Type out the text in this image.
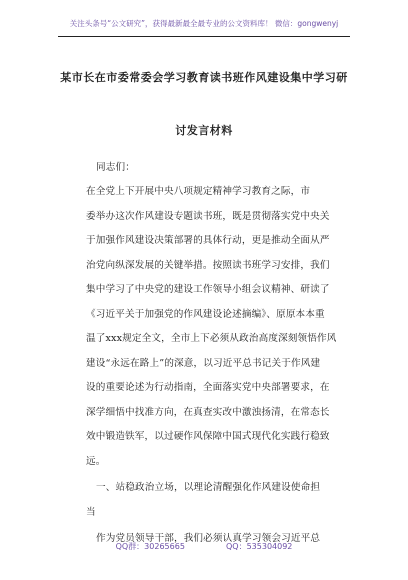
关注头条号“公文研究”，获得最新最全最专业的公文资料库！ 微信：gongwenyj
某市长在市委常委会学习教育读书班作风建设集中学习研
讨发言材料
同志们：
在全党上下开展中央八项规定精神学习教育之际，市
委举办这次作风建设专题读书班，既是贯彻落实党中央关
于加强作风建设决策部署的具体行动，更是推动全面从严
治党向纵深发展的关键举措。按照读书班学习安排，我们
集中学习了中央党的建设工作领导小组会议精神、研读了
《习近平关于加强党的作风建设论述摘编》、原原本本重
温了xxx规定全文，全市上下必须从政治高度深刻领悟作风
建设“永远在路上”的深意，以习近平总书记关于作风建
设的重要论述为行动指南，全面落实党中央部署要求，在
深学细悟中找准方向，在真查实改中激浊扬清，在常态长
效中锻造铁军，以过硬作风保障中国式现代化实践行稳致
远。
一、站稳政治立场，以理论清醒强化作风建设使命担
当
作为党员领导干部，我们必须认真学习领会习近平总
QQ群：30265665	QQ：535304092
